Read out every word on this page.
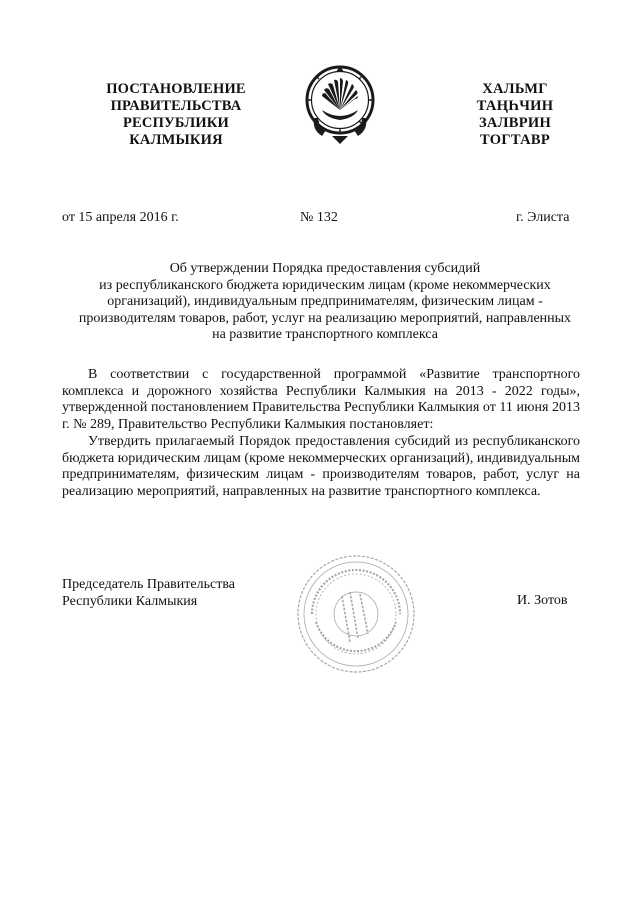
ПОСТАНОВЛЕНИЕ
ПРАВИТЕЛЬСТВА
РЕСПУБЛИКИ
КАЛМЫКИЯ
ХАЛЬМГ
ТАҢҺЧИН
ЗАЛВРИН
ТОГТАВР
от 15 апреля 2016 г.	№ 132	г. Элиста
Об утверждении Порядка предоставления субсидий
из республиканского бюджета юридическим лицам (кроме некоммерческих
организаций), индивидуальным предпринимателям, физическим лицам -
производителям товаров, работ, услуг на реализацию мероприятий, направленных
на развитие транспортного комплекса

В соответствии с государственной программой «Развитие транспортного комплекса и дорожного хозяйства Республики Калмыкия на 2013 - 2022 годы», утвержденной постановлением Правительства Республики Калмыкия от 11 июня 2013 г. № 289, Правительство Республики Калмыкия постановляет:

Утвердить прилагаемый Порядок предоставления субсидий из республиканского бюджета юридическим лицам (кроме некоммерческих организаций), индивидуальным предпринимателям, физическим лицам - производителям товаров, работ, услуг на реализацию мероприятий, направленных на развитие транспортного комплекса.

Председатель Правительства
Республики Калмыкия	И. Зотов
